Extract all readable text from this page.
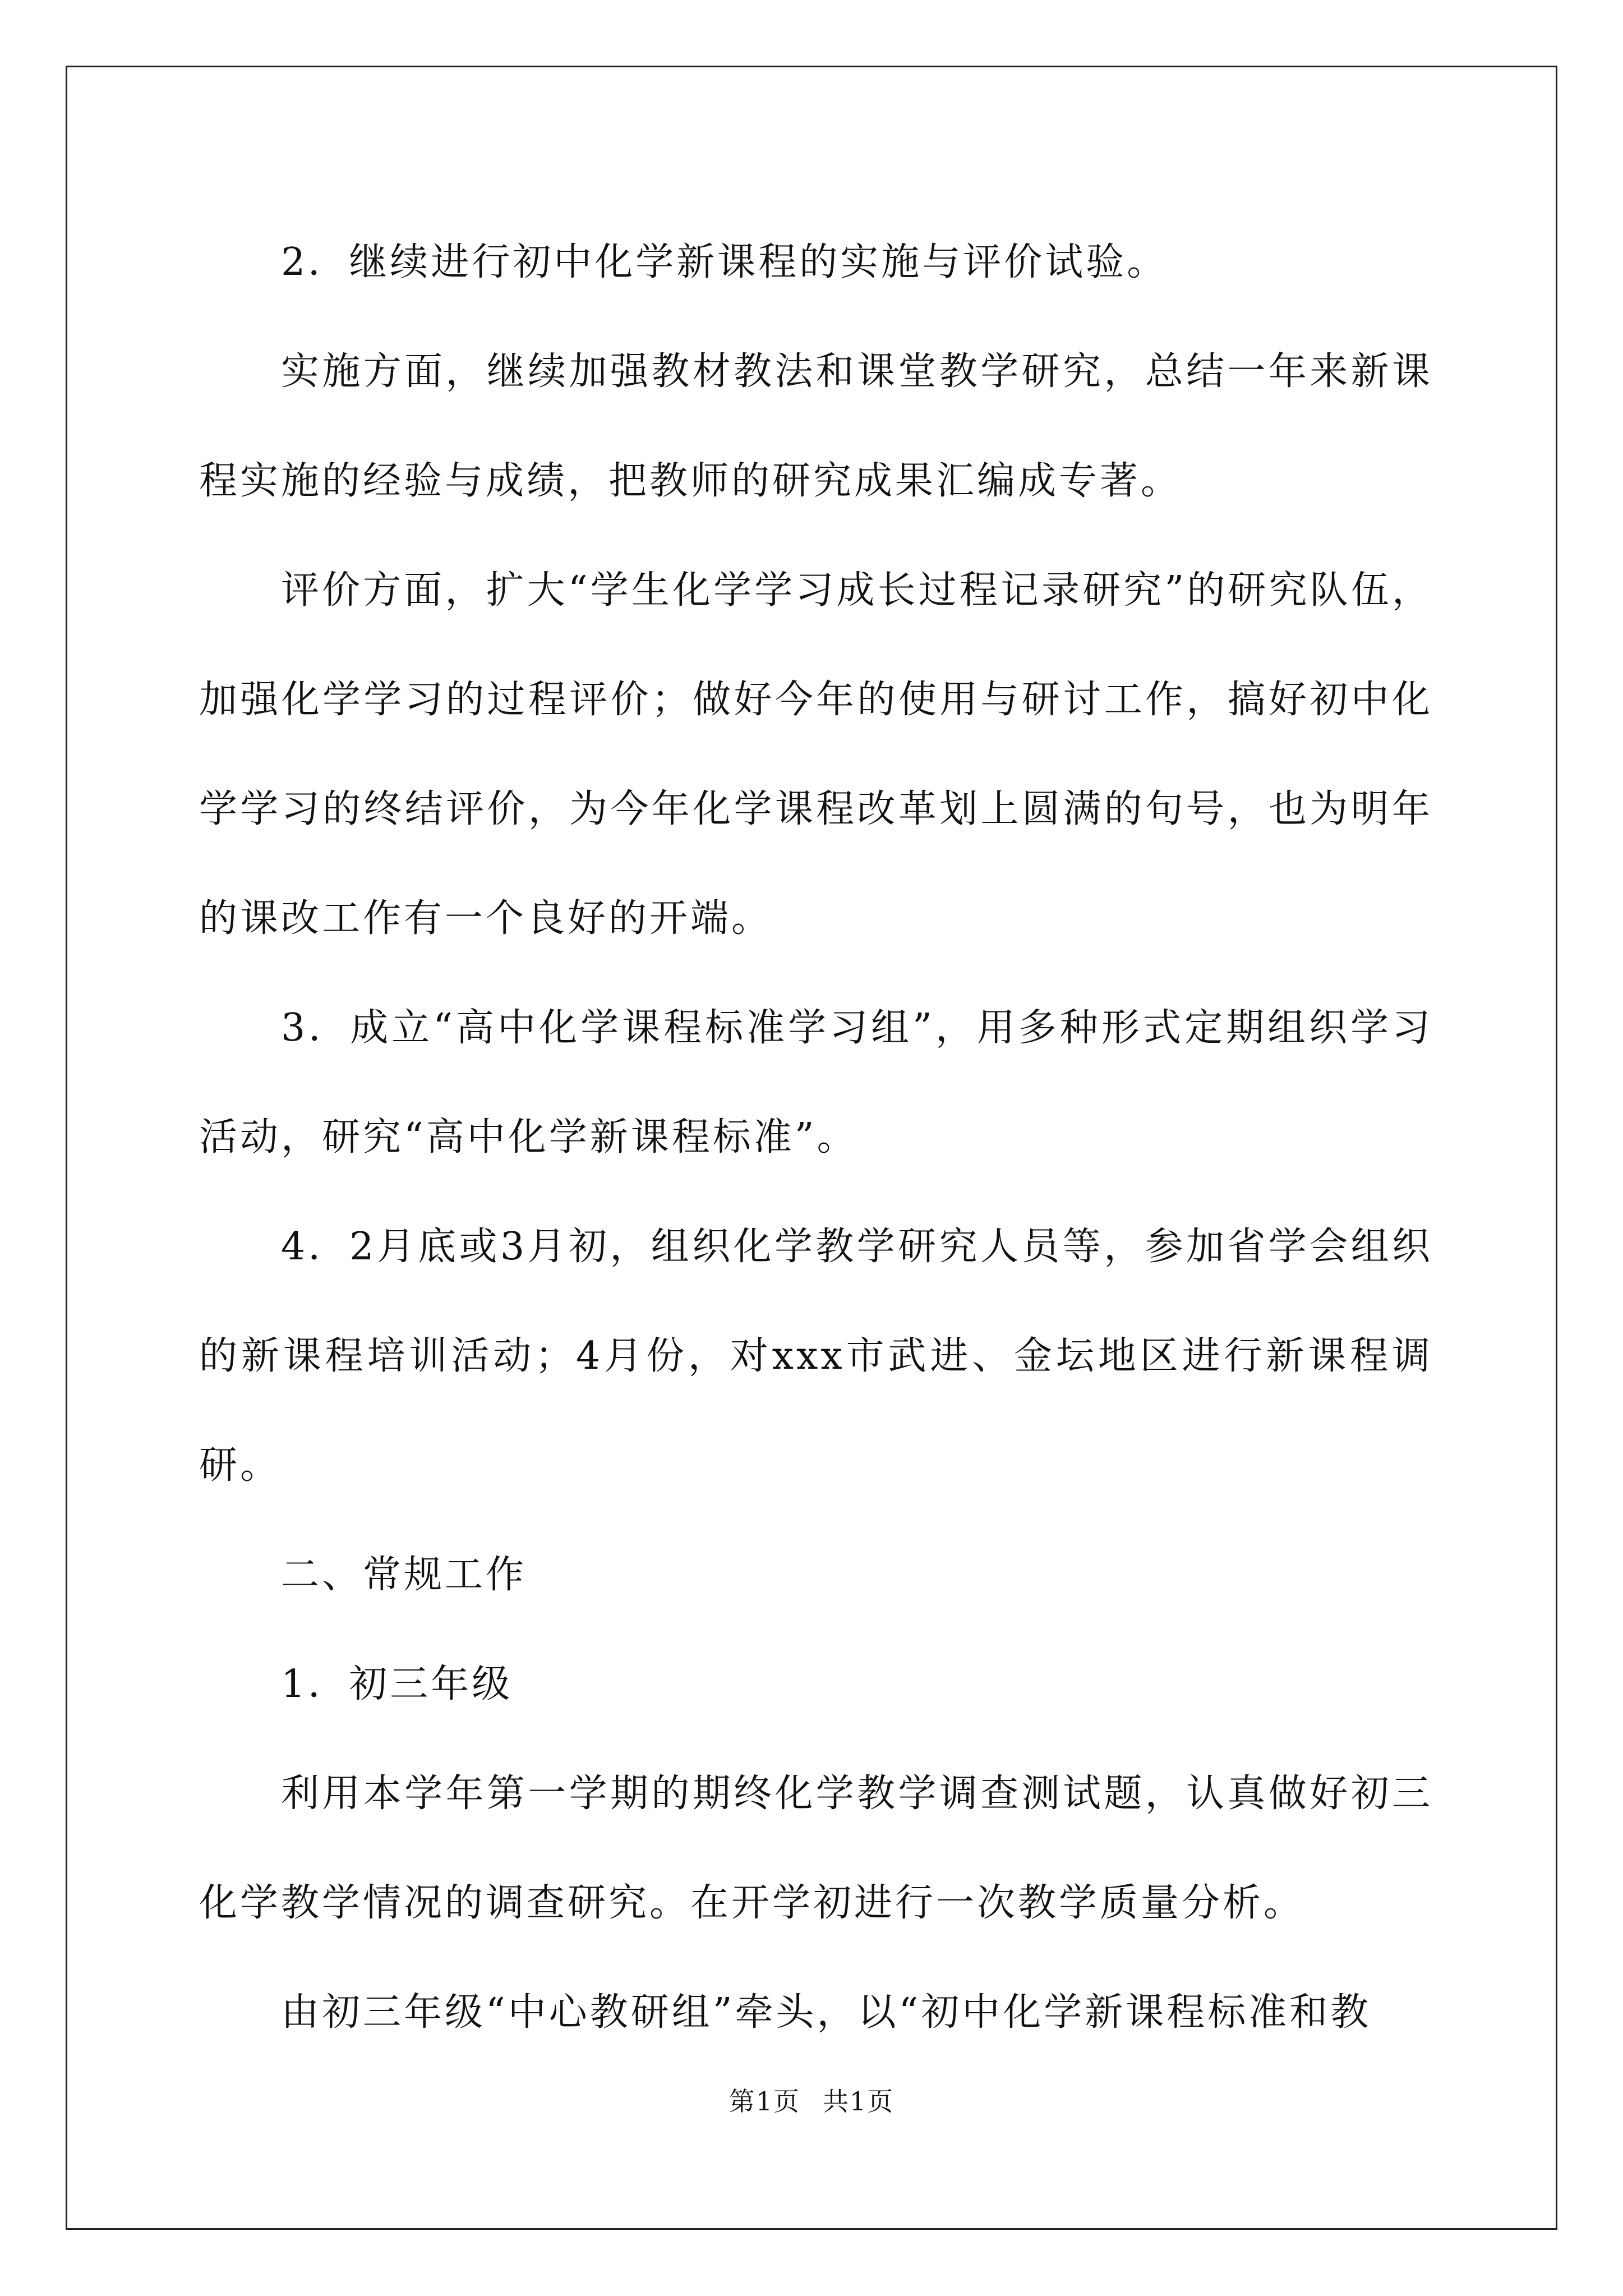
2．继续进行初中化学新课程的实施与评价试验。

实施方面，继续加强教材教法和课堂教学研究，总结一年来新课程实施的经验与成绩，把教师的研究成果汇编成专著。

评价方面，扩大“学生化学学习成长过程记录研究”的研究队伍，加强化学学习的过程评价；做好今年的使用与研讨工作，搞好初中化学学习的终结评价，为今年化学课程改革划上圆满的句号，也为明年的课改工作有一个良好的开端。

3．成立“高中化学课程标准学习组”，用多种形式定期组织学习活动，研究“高中化学新课程标准”。

4．2月底或3月初，组织化学教学研究人员等，参加省学会组织的新课程培训活动；4月份，对xxx市武进、金坛地区进行新课程调研。

二、常规工作

1．初三年级

利用本学年第一学期的期终化学教学调查测试题，认真做好初三化学教学情况的调查研究。在开学初进行一次教学质量分析。

由初三年级“中心教研组”牵头，以“初中化学新课程标准和教

第1页 共1页
